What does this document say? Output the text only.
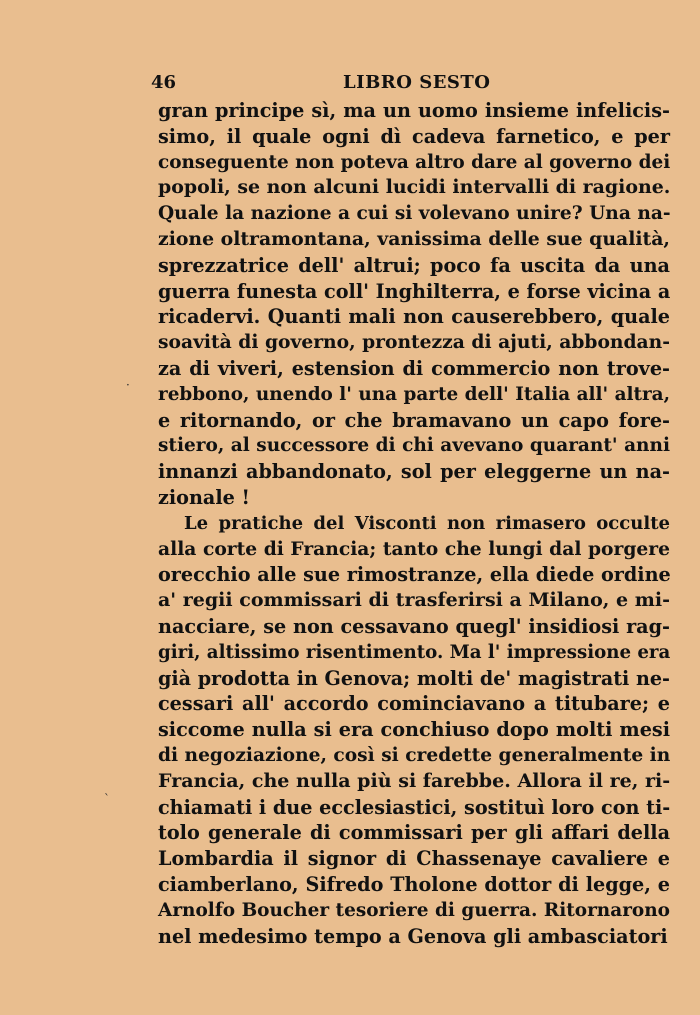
46	LIBRO SESTO
gran principe sì, ma un uomo insieme infelicis-
simo, il quale ogni dì cadeva farnetico, e per
conseguente non poteva altro dare al governo dei
popoli, se non alcuni lucidi intervalli di ragione.
Quale la nazione a cui si volevano unire? Una na-
zione oltramontana, vanissima delle sue qualità,
sprezzatrice dell' altrui; poco fa uscita da una
guerra funesta coll' Inghilterra, e forse vicina a
ricadervi. Quanti mali non causerebbero, quale
soavità di governo, prontezza di ajuti, abbondan-
za di viveri, estension di commercio non trove-
rebbono, unendo l' una parte dell' Italia all' altra,
e ritornando, or che bramavano un capo fore-
stiero, al successore di chi avevano quarant' anni
innanzi abbandonato, sol per eleggerne un na-
zionale !
Le pratiche del Visconti non rimasero occulte
alla corte di Francia; tanto che lungi dal porgere
orecchio alle sue rimostranze, ella diede ordine
a' regii commissari di trasferirsi a Milano, e mi-
nacciare, se non cessavano quegl' insidiosi rag-
giri, altissimo risentimento. Ma l' impressione era
già prodotta in Genova; molti de' magistrati ne-
cessari all' accordo cominciavano a titubare; e
siccome nulla si era conchiuso dopo molti mesi
di negoziazione, così si credette generalmente in
Francia, che nulla più si farebbe. Allora il re, ri-
chiamati i due ecclesiastici, sostituì loro con ti-
tolo generale di commissari per gli affari della
Lombardia il signor di Chassenaye cavaliere e
ciamberlano, Sifredo Tholone dottor di legge, e
Arnolfo Boucher tesoriere di guerra. Ritornarono
nel medesimo tempo a Genova gli ambasciatori
·
ˋ
